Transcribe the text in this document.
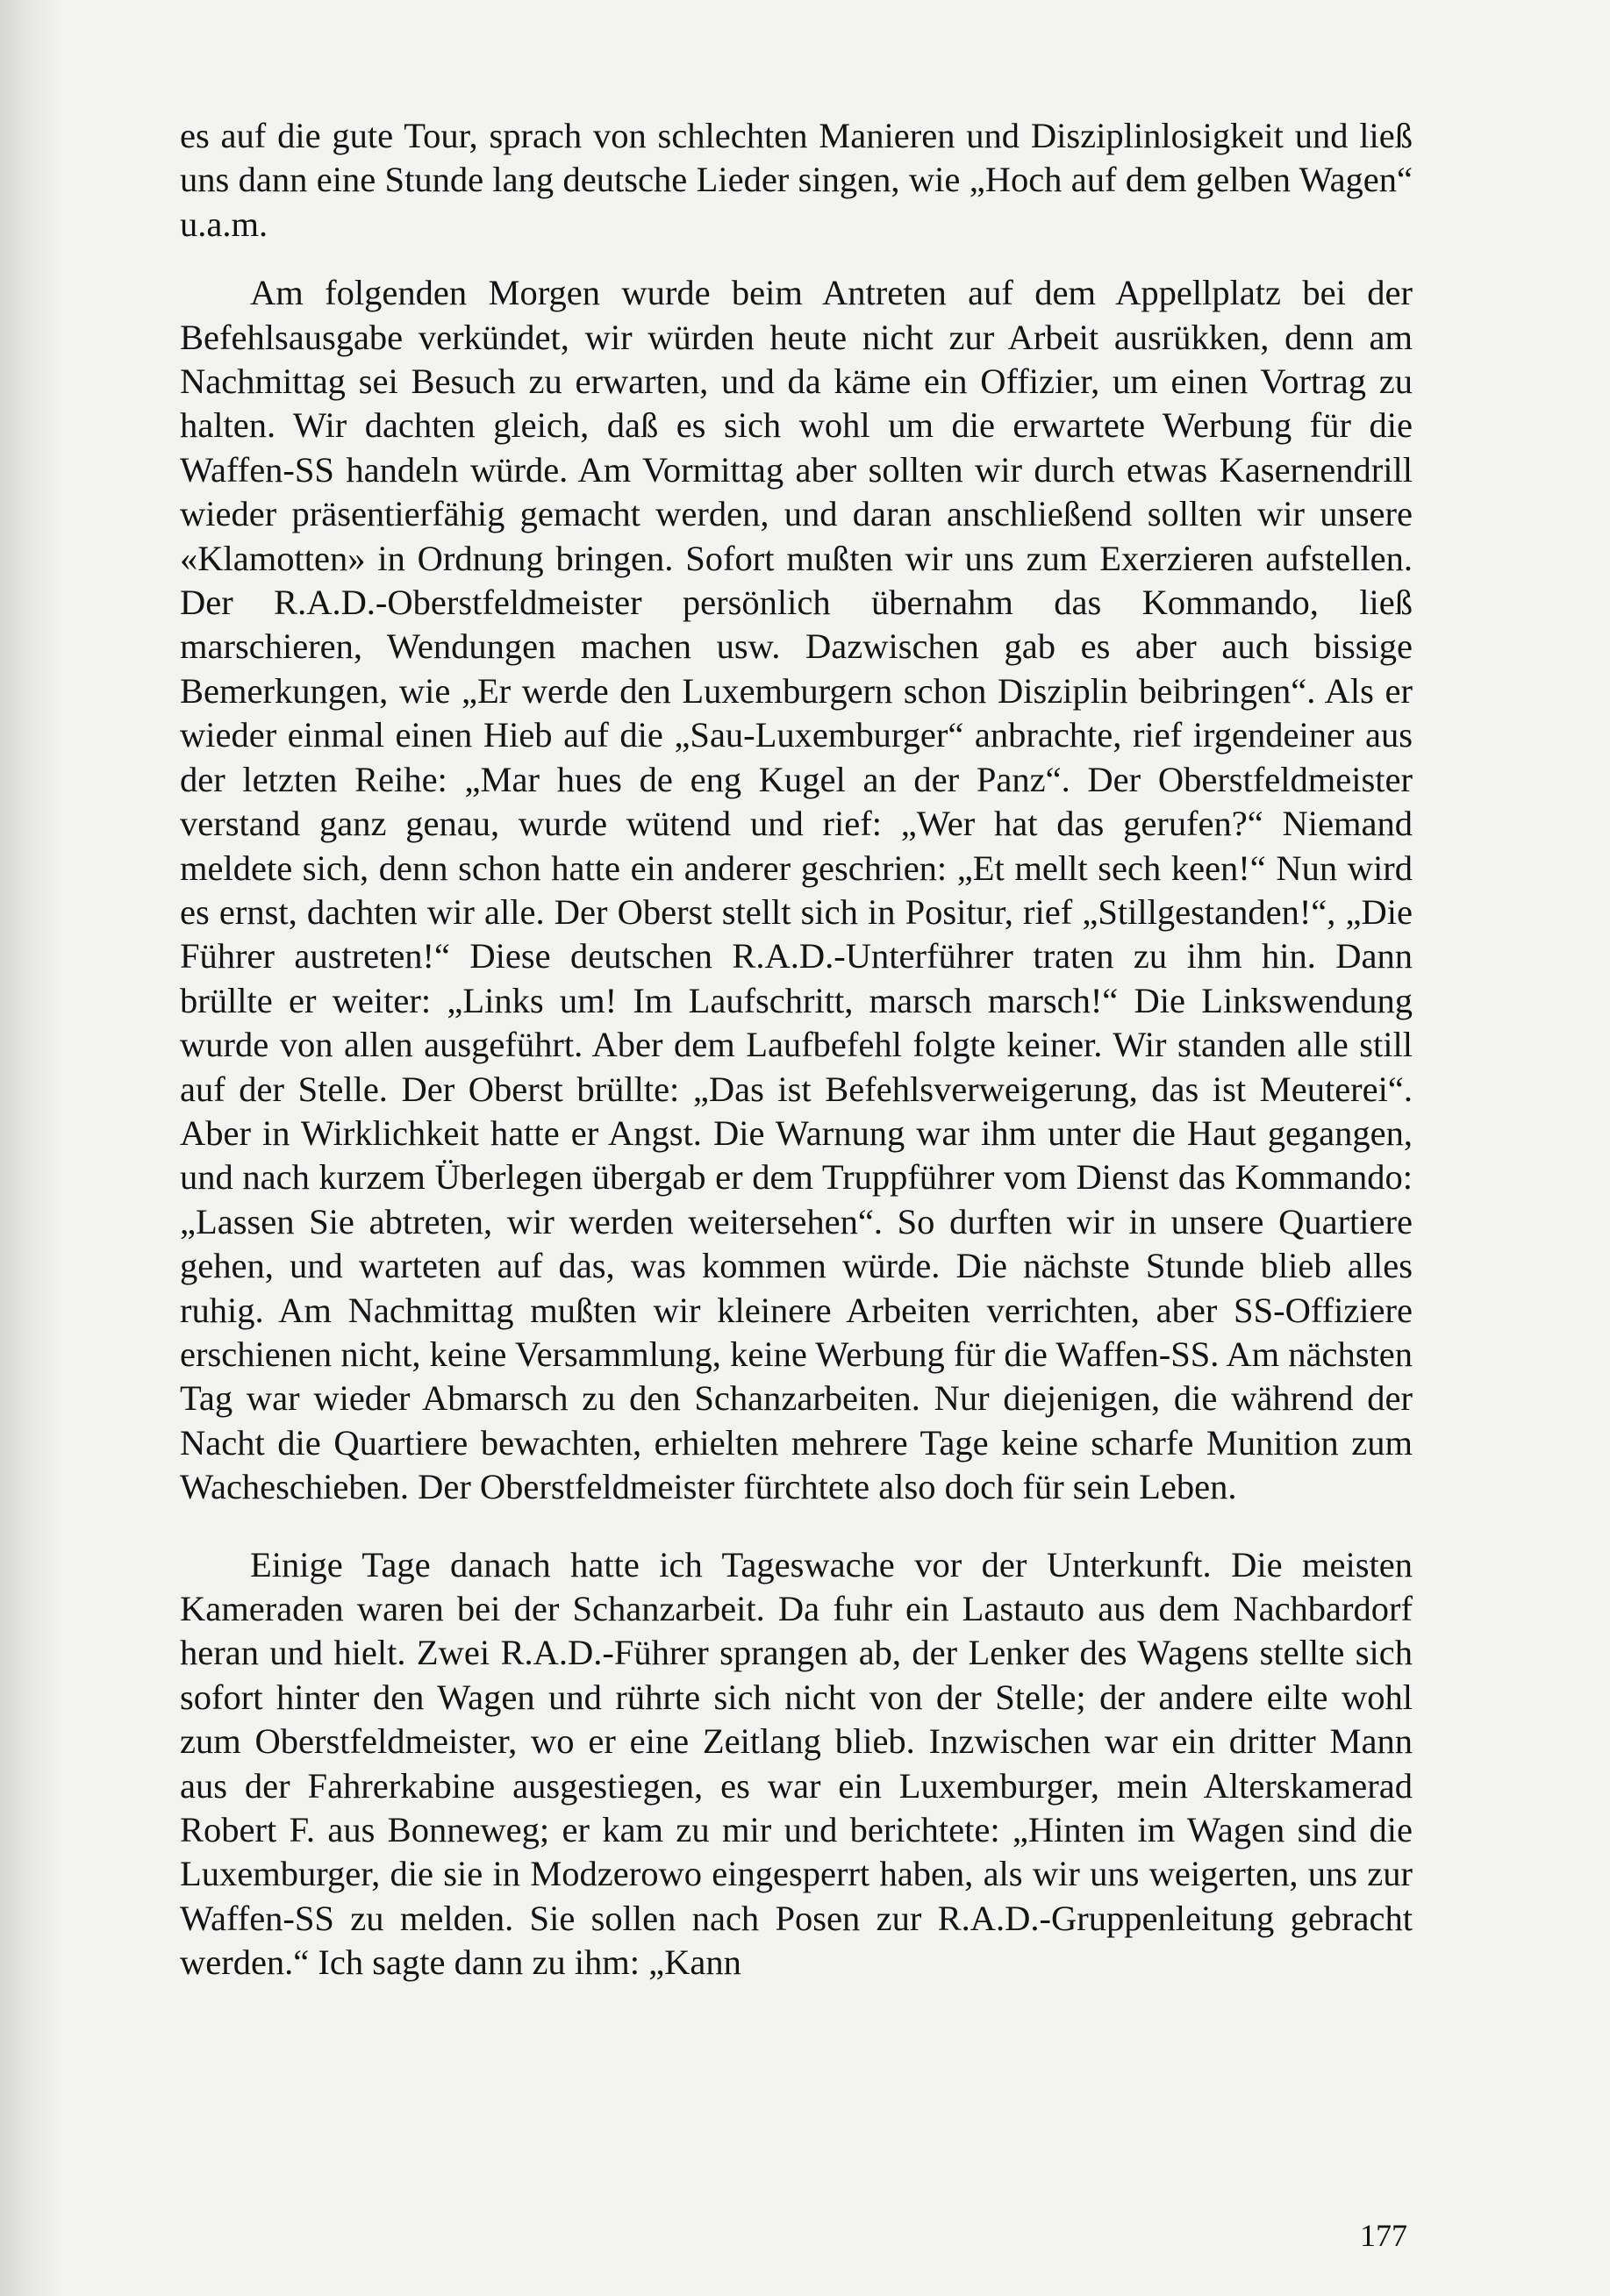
es auf die gute Tour, sprach von schlechten Manieren und Disziplinlosigkeit und ließ uns dann eine Stunde lang deutsche Lieder singen, wie „Hoch auf dem gelben Wagen“ u.a.m.

Am folgenden Morgen wurde beim Antreten auf dem Appellplatz bei der Befehlsausgabe verkündet, wir würden heute nicht zur Arbeit ausrükken, denn am Nachmittag sei Besuch zu erwarten, und da käme ein Offizier, um einen Vortrag zu halten. Wir dachten gleich, daß es sich wohl um die erwartete Werbung für die Waffen-SS handeln würde. Am Vormittag aber sollten wir durch etwas Kasernendrill wieder präsentierfähig gemacht werden, und daran anschließend sollten wir unsere «Klamotten» in Ordnung bringen. Sofort mußten wir uns zum Exerzieren aufstellen. Der R.A.D.-Oberstfeldmeister persönlich übernahm das Kommando, ließ marschieren, Wendungen machen usw. Dazwischen gab es aber auch bissige Bemerkungen, wie „Er werde den Luxemburgern schon Disziplin beibringen“. Als er wieder einmal einen Hieb auf die „Sau-Luxemburger“ anbrachte, rief irgendeiner aus der letzten Reihe: „Mar hues de eng Kugel an der Panz“. Der Oberstfeldmeister verstand ganz genau, wurde wütend und rief: „Wer hat das gerufen?“ Niemand meldete sich, denn schon hatte ein anderer geschrien: „Et mellt sech keen!“ Nun wird es ernst, dachten wir alle. Der Oberst stellt sich in Positur, rief „Stillgestanden!“, „Die Führer austreten!“ Diese deutschen R.A.D.-Unterführer traten zu ihm hin. Dann brüllte er weiter: „Links um! Im Laufschritt, marsch marsch!“ Die Linkswendung wurde von allen ausgeführt. Aber dem Laufbefehl folgte keiner. Wir standen alle still auf der Stelle. Der Oberst brüllte: „Das ist Befehlsverweigerung, das ist Meuterei“. Aber in Wirklichkeit hatte er Angst. Die Warnung war ihm unter die Haut gegangen, und nach kurzem Überlegen übergab er dem Truppführer vom Dienst das Kommando: „Lassen Sie abtreten, wir werden weitersehen“. So durften wir in unsere Quartiere gehen, und warteten auf das, was kommen würde. Die nächste Stunde blieb alles ruhig. Am Nachmittag mußten wir kleinere Arbeiten verrichten, aber SS-Offiziere erschienen nicht, keine Versammlung, keine Werbung für die Waffen-SS. Am nächsten Tag war wieder Abmarsch zu den Schanzarbeiten. Nur diejenigen, die während der Nacht die Quartiere bewachten, erhielten mehrere Tage keine scharfe Munition zum Wacheschieben. Der Oberstfeldmeister fürchtete also doch für sein Leben.

Einige Tage danach hatte ich Tageswache vor der Unterkunft. Die meisten Kameraden waren bei der Schanzarbeit. Da fuhr ein Lastauto aus dem Nachbardorf heran und hielt. Zwei R.A.D.-Führer sprangen ab, der Lenker des Wagens stellte sich sofort hinter den Wagen und rührte sich nicht von der Stelle; der andere eilte wohl zum Oberstfeldmeister, wo er eine Zeitlang blieb. Inzwischen war ein dritter Mann aus der Fahrerkabine ausgestiegen, es war ein Luxemburger, mein Alterskamerad Robert F. aus Bonneweg; er kam zu mir und berichtete: „Hinten im Wagen sind die Luxemburger, die sie in Modzerowo eingesperrt haben, als wir uns weigerten, uns zur Waffen-SS zu melden. Sie sollen nach Posen zur R.A.D.-Gruppenleitung gebracht werden.“ Ich sagte dann zu ihm: „Kann

177
